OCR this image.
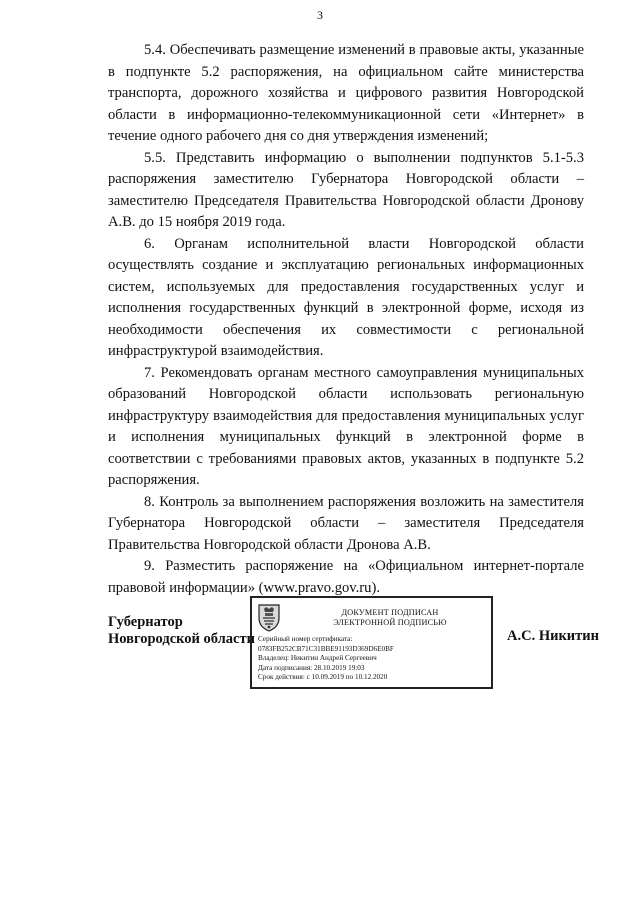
3

5.4. Обеспечивать размещение изменений в правовые акты, указанные в подпункте 5.2 распоряжения, на официальном сайте министерства транспорта, дорожного хозяйства и цифрового развития Новгородской области в информационно-телекоммуникационной сети «Интернет» в течение одного рабочего дня со дня утверждения изменений;

5.5. Представить информацию о выполнении подпунктов 5.1-5.3 распоряжения заместителю Губернатора Новгородской области – заместителю Председателя Правительства Новгородской области Дронову А.В. до 15 ноября 2019 года.

6. Органам исполнительной власти Новгородской области осуществлять создание и эксплуатацию региональных информационных систем, используемых для предоставления государственных услуг и исполнения государственных функций в электронной форме, исходя из необходимости обеспечения их совместимости с региональной инфраструктурой взаимодействия.

7. Рекомендовать органам местного самоуправления муниципальных образований Новгородской области использовать региональную инфраструктуру взаимодействия для предоставления муниципальных услуг и исполнения муниципальных функций в электронной форме в соответствии с требованиями правовых актов, указанных в подпункте 5.2 распоряжения.

8. Контроль за выполнением распоряжения возложить на заместителя Губернатора Новгородской области – заместителя Председателя Правительства Новгородской области Дронова А.В.

9. Разместить распоряжение на «Официальном интернет-портале правовой информации» (www.pravo.gov.ru).

Губернатор
Новгородской области
ДОКУМЕНТ ПОДПИСАН
ЭЛЕКТРОННОЙ ПОДПИСЬЮ
Серийный номер сертификата:
0783FB252CB71C31BBE91193D369D6E0BF
Владелец: Никитин Андрей Сергеевич
Дата подписания: 28.10.2019 19:03
Срок действия: с 10.09.2019 по 10.12.2020
А.С. Никитин
